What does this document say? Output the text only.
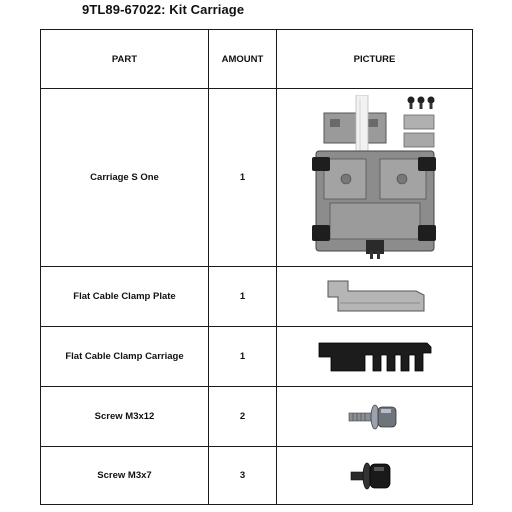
9TL89-67022: Kit Carriage
PART	AMOUNT	PICTURE
Carriage S One	1	

Flat Cable Clamp Plate	1	

Flat Cable Clamp Carriage	1	

Screw M3x12	2	

Screw M3x7	3	
